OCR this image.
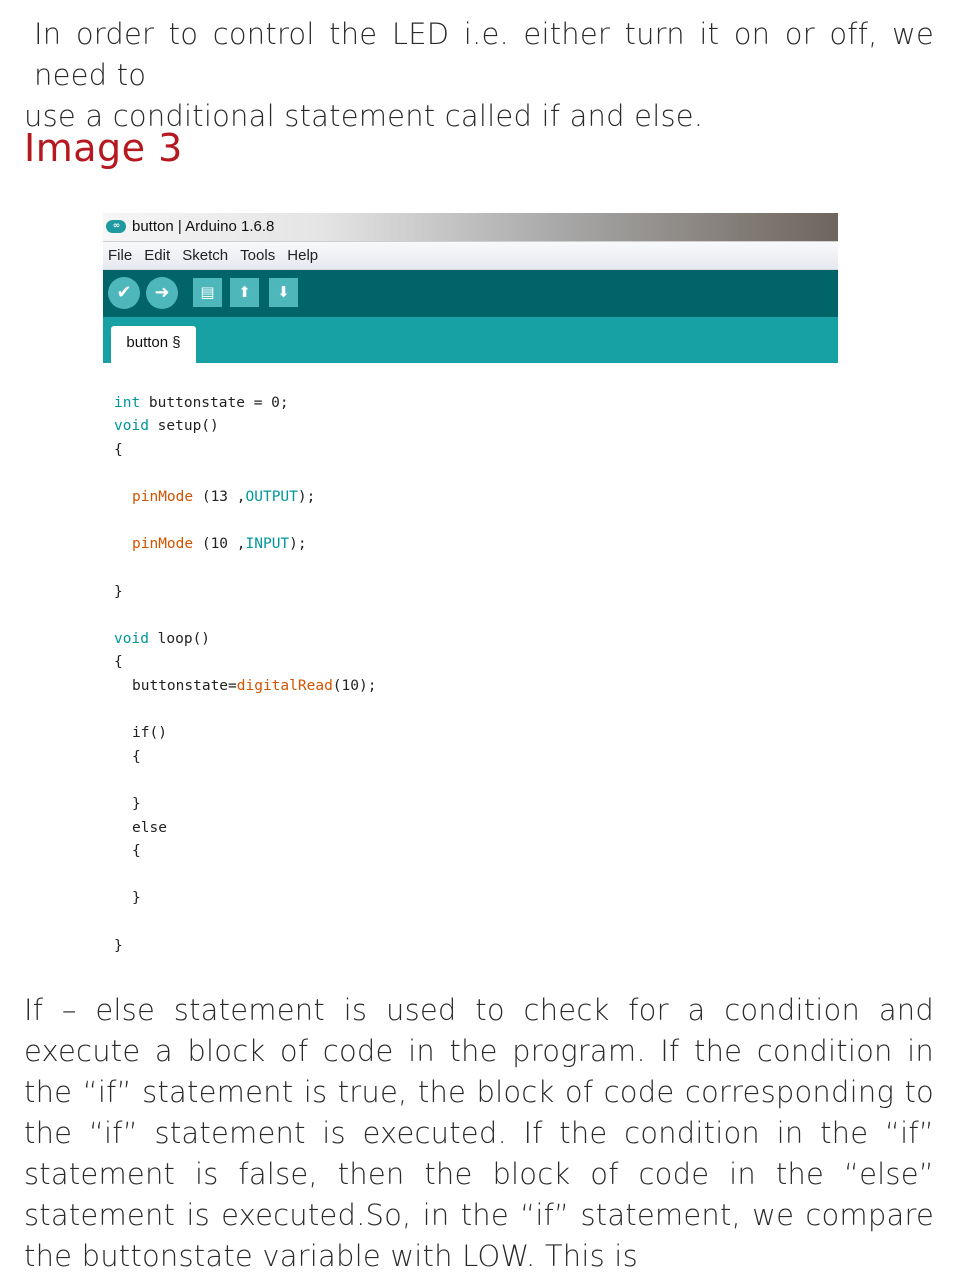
In order to control the LED i.e. either turn it on or off, we need to
use a conditional statement called if and else.
Image 3
∞ button | Arduino 1.6.8
File Edit Sketch Tools Help
✔	➜	▤	⬆	⬇
button §
int buttonstate = 0;
void setup()
{
pinMode (13 ,OUTPUT);
pinMode (10 ,INPUT);
}
void loop()
{
buttonstate=digitalRead(10);
if()
{
}
else
{
}
}
If – else statement is used to check for a condition and execute a block of code in the program. If the condition in the “if” statement is true, the block of code corresponding to the “if” statement is executed. If the condition in the “if” statement is false, then the block of code in the “else” statement is executed.So, in the “if” statement, we compare the buttonstate variable with LOW. This is
